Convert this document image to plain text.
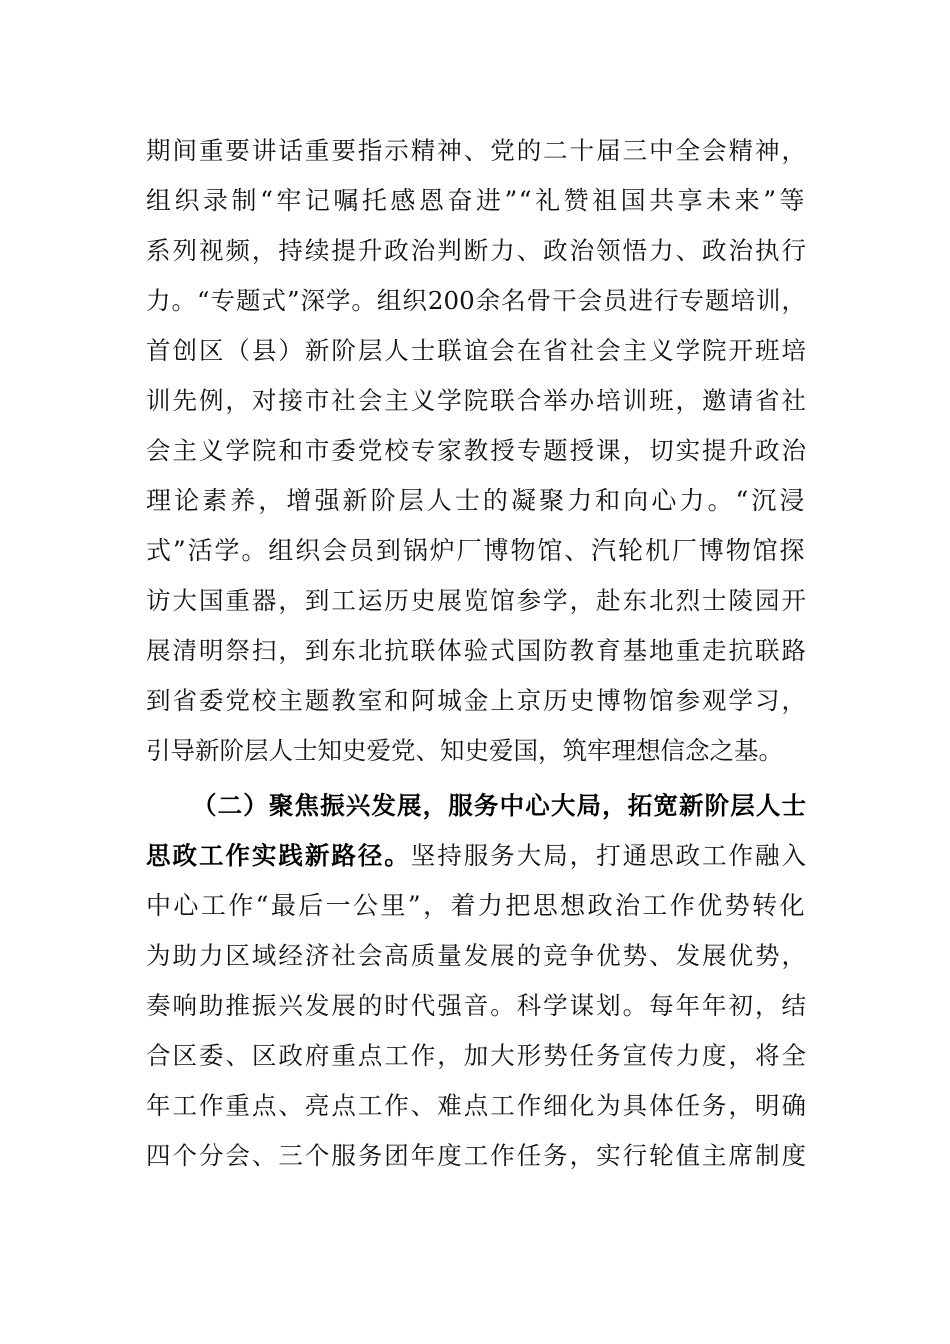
期间重要讲话重要指示精神、党的二十届三中全会精神，
组织录制“牢记嘱托感恩奋进”“礼赞祖国共享未来”等
系列视频，持续提升政治判断力、政治领悟力、政治执行
力。“专题式”深学。组织200余名骨干会员进行专题培训，
首创区（县）新阶层人士联谊会在省社会主义学院开班培
训先例，对接市社会主义学院联合举办培训班，邀请省社
会主义学院和市委党校专家教授专题授课，切实提升政治
理论素养，增强新阶层人士的凝聚力和向心力。“沉浸
式”活学。组织会员到锅炉厂博物馆、汽轮机厂博物馆探
访大国重器，到工运历史展览馆参学，赴东北烈士陵园开
展清明祭扫，到东北抗联体验式国防教育基地重走抗联路
到省委党校主题教室和阿城金上京历史博物馆参观学习，
引导新阶层人士知史爱党、知史爱国，筑牢理想信念之基。
（二）聚焦振兴发展，服务中心大局，拓宽新阶层人士
思政工作实践新路径。坚持服务大局，打通思政工作融入
中心工作“最后一公里”，着力把思想政治工作优势转化
为助力区域经济社会高质量发展的竞争优势、发展优势，
奏响助推振兴发展的时代强音。科学谋划。每年年初，结
合区委、区政府重点工作，加大形势任务宣传力度，将全
年工作重点、亮点工作、难点工作细化为具体任务，明确
四个分会、三个服务团年度工作任务，实行轮值主席制度
